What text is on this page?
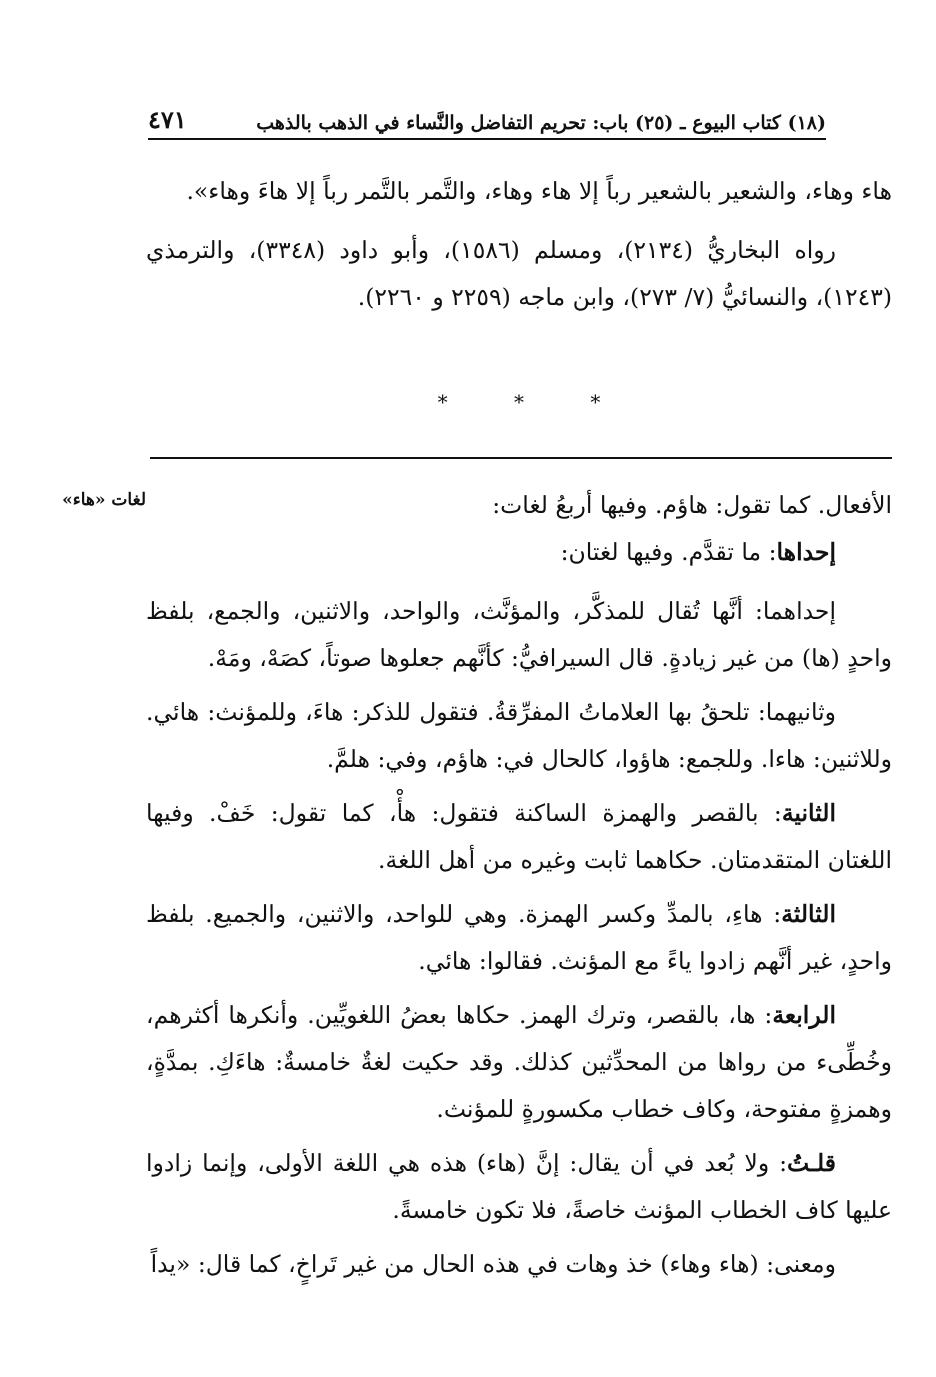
(١٨) كتاب البيوع ـ (٢٥) باب: تحريم التفاضل والنَّساء في الذهب بالذهب
٤٧١

هاء وهاء، والشعير بالشعير رباً إلا هاء وهاء، والتَّمر بالتَّمر رباً إلا هاءَ وهاء».

رواه البخاريُّ (٢١٣٤)، ومسلم (١٥٨٦)، وأبو داود (٣٣٤٨)، والترمذي (١٢٤٣)، والنسائيُّ (٧/ ٢٧٣)، وابن ماجه (٢٢٥٩ و ٢٢٦٠).

* * *
لغات «هاء»	الأفعال. كما تقول: هاؤم. وفيها أربعُ لغات:

إحداها: ما تقدَّم. وفيها لغتان:

إحداهما: أنَّها تُقال للمذكَّر، والمؤنَّث، والواحد، والاثنين، والجمع، بلفظ واحدٍ (ها) من غير زيادةٍ. قال السيرافيُّ: كأنَّهم جعلوها صوتاً، كصَهْ، ومَهْ.

وثانيهما: تلحقُ بها العلاماتُ المفرِّقةُ. فتقول للذكر: هاءَ، وللمؤنث: هائي. وللاثنين: هاءا. وللجمع: هاؤوا، كالحال في: هاؤم، وفي: هلمَّ.

الثانية: بالقصر والهمزة الساكنة فتقول: هأْ، كما تقول: خَفْ. وفيها اللغتان المتقدمتان. حكاهما ثابت وغيره من أهل اللغة.

الثالثة: هاءِ، بالمدِّ وكسر الهمزة. وهي للواحد، والاثنين، والجميع. بلفظ واحدٍ، غير أنَّهم زادوا ياءً مع المؤنث. فقالوا: هائي.

الرابعة: ها، بالقصر، وترك الهمز. حكاها بعضُ اللغويِّين. وأنكرها أكثرهم، وخُطِّىء من رواها من المحدِّثين كذلك. وقد حكيت لغةٌ خامسةٌ: هاءَكِ. بمدَّةٍ، وهمزةٍ مفتوحة، وكاف خطاب مكسورةٍ للمؤنث.

قلـتُ: ولا بُعد في أن يقال: إنَّ (هاء) هذه هي اللغة الأولى، وإنما زادوا عليها كاف الخطاب المؤنث خاصةً، فلا تكون خامسةً.

ومعنى: (هاء وهاء) خذ وهات في هذه الحال من غير تَراخٍ، كما قال: «يداً
